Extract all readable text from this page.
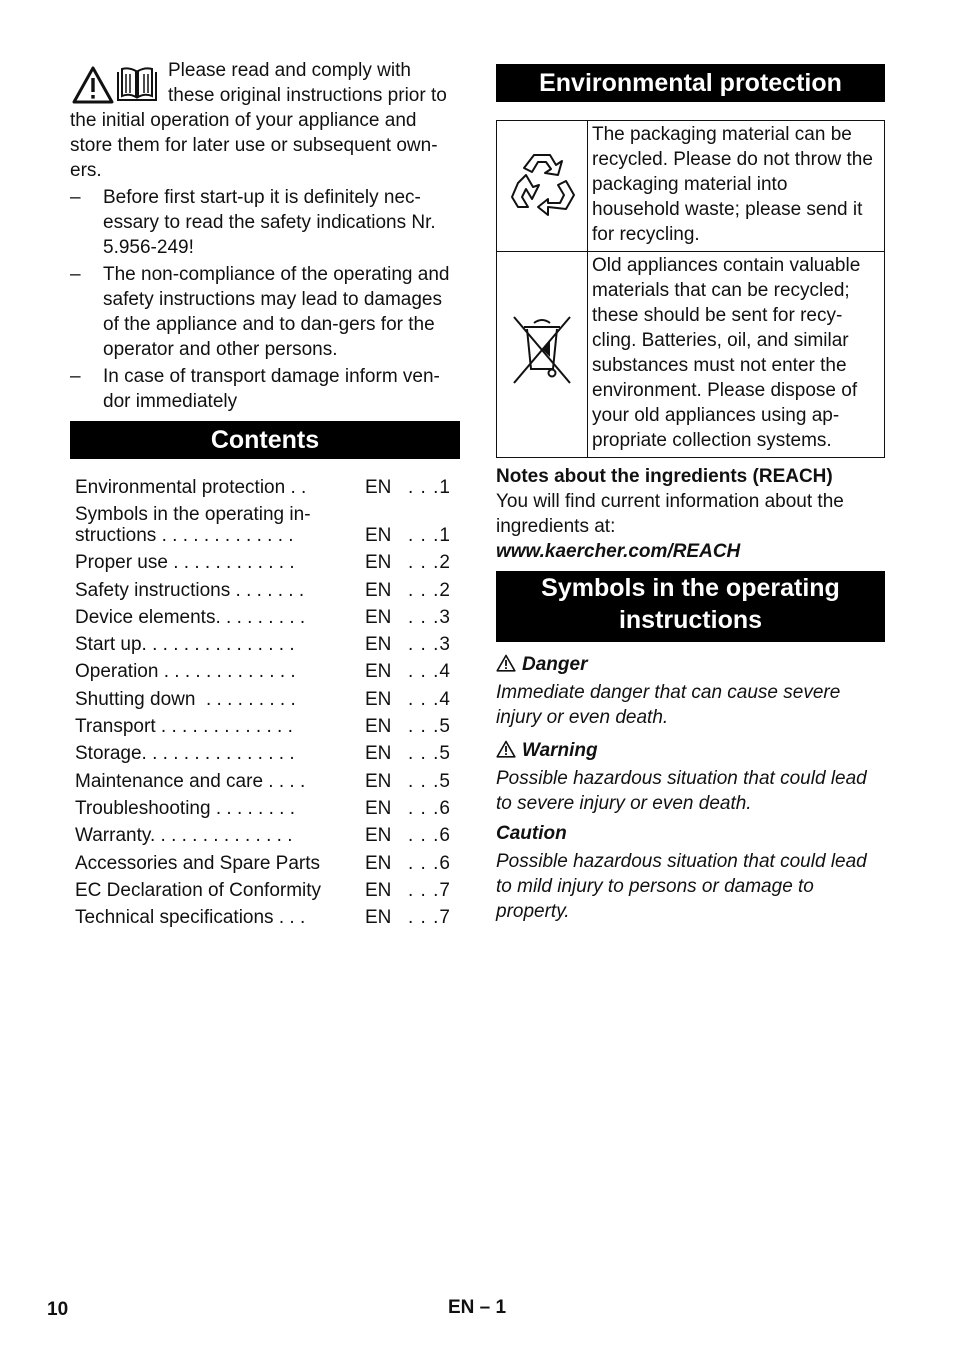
Please read and comply with these original instructions prior to the initial operation of your appliance and store them for later use or subsequent own-ers.

– Before first start-up it is definitely nec-essary to read the safety indications Nr. 5.956-249!
– The non-compliance of the operating and safety instructions may lead to damages of the appliance and to dan-gers for the operator and other persons.
– In case of transport damage inform ven-dor immediately
Contents
Environmental protection . .	EN . . .1
Symbols in the operating in-
structions . . . . . . . . . . . . .	EN . . .1
Proper use . . . . . . . . . . . .	EN . . .2
Safety instructions . . . . . . .	EN . . .2
Device elements. . . . . . . . .	EN . . .3
Start up. . . . . . . . . . . . . . .	EN . . .3
Operation . . . . . . . . . . . . .	EN . . .4
Shutting down  . . . . . . . . .	EN . . .4
Transport . . . . . . . . . . . . .	EN . . .5
Storage. . . . . . . . . . . . . . .	EN . . .5
Maintenance and care . . . .	EN . . .5
Troubleshooting . . . . . . . .	EN . . .6
Warranty. . . . . . . . . . . . . .	EN . . .6
Accessories and Spare Parts	EN . . .6
EC Declaration of Conformity	EN . . .7
Technical specifications . . .	EN . . .7
Environmental protection
	The packaging material can be recycled. Please do not throw the packaging material into household waste; please send it for recycling.
	Old appliances contain valuable materials that can be recycled; these should be sent for recy-cling. Batteries, oil, and similar substances must not enter the environment. Please dispose of your old appliances using ap-propriate collection systems.

Notes about the ingredients (REACH)

You will find current information about the ingredients at:

www.kaercher.com/REACH

Symbols in the operating
instructions

Danger

Immediate danger that can cause severe injury or even death.

Warning

Possible hazardous situation that could lead to severe injury or even death.

Caution

Possible hazardous situation that could lead to mild injury to persons or damage to property.

10	EN – 1
